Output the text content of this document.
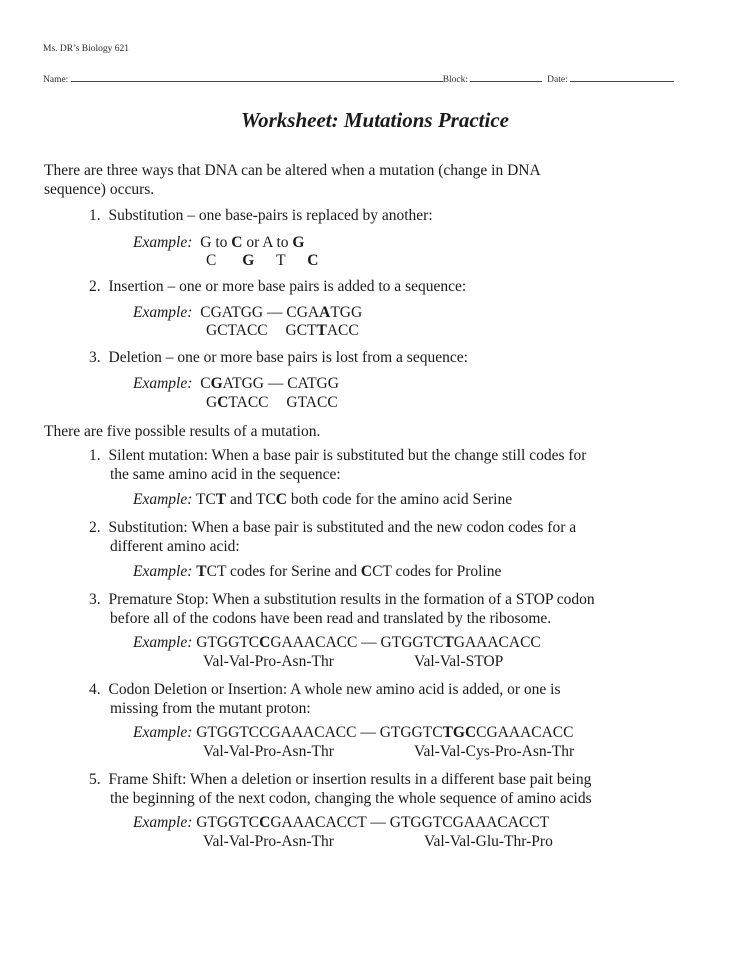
Ms. DR’s Biology 621
Name:	Block:	Date:
Worksheet: Mutations Practice
There are three ways that DNA can be altered when a mutation (change in DNA
sequence) occurs.
1. Substitution – one base-pairs is replaced by another:
Example: G to C or A to G
C G T C
2. Insertion – one or more base pairs is added to a sequence:
Example: CGATGG –– CGAATGG
GCTACC GCTTACC
3. Deletion – one or more base pairs is lost from a sequence:
Example: CGATGG –– CATGG
GCTACC GTACC
There are five possible results of a mutation.
1. Silent mutation: When a base pair is substituted but the change still codes for
the same amino acid in the sequence:
Example: TCT and TCC both code for the amino acid Serine
2. Substitution: When a base pair is substituted and the new codon codes for a
different amino acid:
Example: TCT codes for Serine and CCT codes for Proline
3. Premature Stop: When a substitution results in the formation of a STOP codon
before all of the codons have been read and translated by the ribosome.
Example: GTGGTCCGAAACACC –– GTGGTCTGAAACACC
Val-Val-Pro-Asn-Thr	Val-Val-STOP
4. Codon Deletion or Insertion: A whole new amino acid is added, or one is
missing from the mutant proton:
Example: GTGGTCCGAAACACC — GTGGTCTGCCGAAACACC
Val-Val-Pro-Asn-Thr	Val-Val-Cys-Pro-Asn-Thr
5. Frame Shift: When a deletion or insertion results in a different base pait being
the beginning of the next codon, changing the whole sequence of amino acids
Example: GTGGTCCGAAACACCT — GTGGTCGAAACACCT
Val-Val-Pro-Asn-Thr	Val-Val-Glu-Thr-Pro
